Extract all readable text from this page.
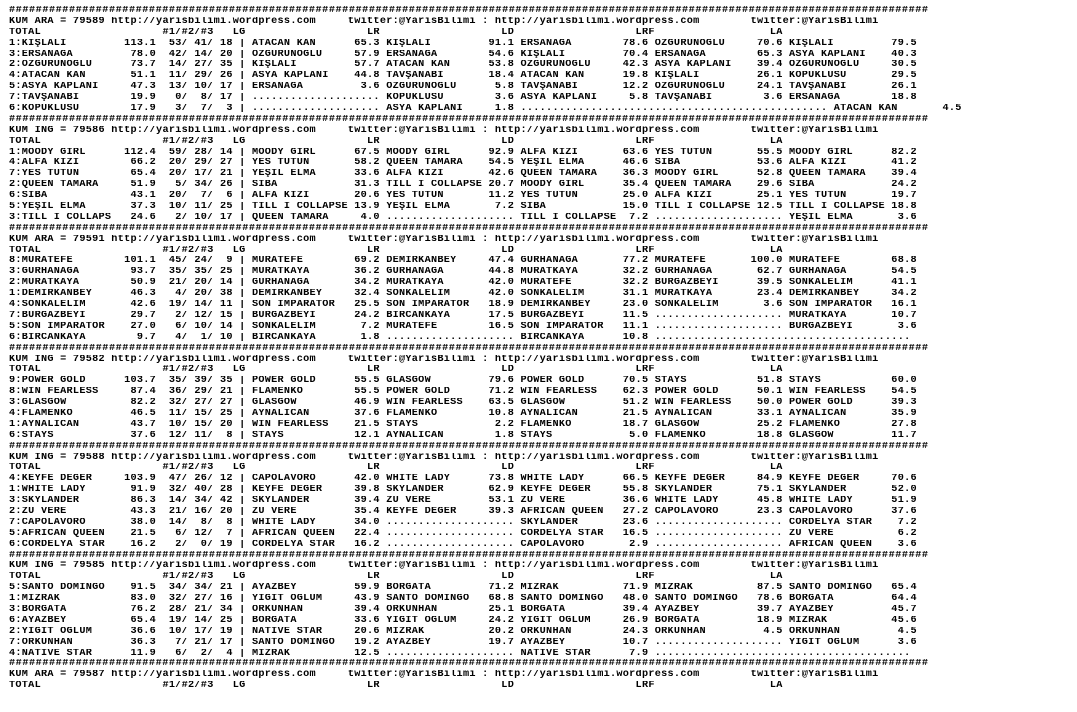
##########################################################################################################################################
KUM ARA = 79589 http://yarisbilimi.wordpress.com     twitter:@YarisBilimi : http://yarisbilimi.wordpress.com        twitter:@YarisBilimi
TOTAL                   #1/#2/#3   LG                   LR                   LD                   LRF                  LA
1:KIŞLALI         113.1  53/ 41/ 18 | ATACAN KAN      65.3 KIŞLALI         91.1 ERSANAĞA        78.6 ÖZGÜRÜNOĞLU     70.6 KIŞLALI         79.5
3:ERSANAĞA         78.0  42/ 14/ 20 | ÖZGÜRÜNOĞLU     57.9 ERSANAĞA        54.6 KIŞLALI         70.4 ERSANAĞA        65.3 ASYA KAPLANI    40.3
2:ÖZGÜRÜNOĞLU      73.7  14/ 27/ 35 | KIŞLALI         57.7 ATACAN KAN      53.8 ÖZGÜRÜNOĞLU     42.3 ASYA KAPLANI    39.4 ÖZGÜRÜNOĞLU     30.5
4:ATACAN KAN       51.1  11/ 29/ 26 | ASYA KAPLANI    44.8 TAVŞANABİ       18.4 ATACAN KAN      19.8 KIŞLALI         26.1 KÖPÜKLÜSU       29.5
5:ASYA KAPLANI     47.3  13/ 10/ 17 | ERSANAĞA         3.6 ÖZGÜRÜNOĞLU      5.8 TAVŞANABİ       12.2 ÖZGÜRÜNOĞLU     24.1 TAVŞANABİ       26.1
7:TAVŞANABİ        19.9   0/  8/ 17 | .................... KÖPÜKLÜSU        3.6 ASYA KAPLANI     5.8 TAVŞANABİ        3.6 ERSANAĞA        18.8
6:KÖPÜKLÜSU        17.9   3/  7/  3 | .................... ASYA KAPLANI     1.8 ................................................ ATACAN KAN       4.5
##########################################################################################################################################
KUM ING = 79586 http://yarisbilimi.wordpress.com     twitter:@YarisBilimi : http://yarisbilimi.wordpress.com        twitter:@YarisBilimi
TOTAL                   #1/#2/#3   LG                   LR                   LD                   LRF                  LA
1:MOODY GIRL      112.4  59/ 28/ 14 | MOODY GIRL      67.5 MOODY GIRL      92.9 ALFA KIZI       63.6 YES TÜTÜN       55.5 MOODY GIRL      82.2
4:ALFA KIZI        66.2  20/ 29/ 27 | YES TÜTÜN       58.2 QUEEN TAMARA    54.5 YEŞIL ELMA      46.6 SIBA            53.6 ALFA KIZI       41.2
7:YES TÜTÜN        65.4  20/ 17/ 21 | YEŞIL ELMA      33.6 ALFA KIZI       42.6 QUEEN TAMARA    36.3 MOODY GIRL      52.8 QUEEN TAMARA    39.4
2:QUEEN TAMARA     51.9   5/ 34/ 26 | SIBA            31.3 TILL I COLLAPSE 20.7 MOODY GIRL      35.4 QUEEN TAMARA    29.6 SIBA            24.2
6:SIBA             43.1  20/  7/  6 | ALFA KIZI       20.6 YES TÜTÜN       11.2 YES TÜTÜN       25.0 ALFA KIZI       25.1 YES TÜTÜN       19.7
5:YEŞIL ELMA       37.3  10/ 11/ 25 | TILL I COLLAPSE 13.9 YEŞIL ELMA       7.2 SIBA            15.0 TILL I COLLAPSE 12.5 TILL I COLLAPSE 18.8
3:TILL I COLLAPS   24.6   2/ 10/ 17 | QUEEN TAMARA     4.0 .................... TILL I COLLAPSE  7.2 .................... YEŞIL ELMA       3.6
##########################################################################################################################################
KUM ARA = 79591 http://yarisbilimi.wordpress.com     twitter:@YarisBilimi : http://yarisbilimi.wordpress.com        twitter:@YarisBilimi
TOTAL                   #1/#2/#3   LG                   LR                   LD                   LRF                  LA
8:MURATEFE        101.1  45/ 24/  9 | MURATEFE        69.2 DEMIRKANBEY     47.4 GÜRHANAĞA       77.2 MURATEFE       100.0 MURATEFE        68.8
3:GÜRHANAĞA        93.7  35/ 35/ 25 | MURATKAYA       36.2 GÜRHANAĞA       44.8 MURATKAYA       32.2 GÜRHANAĞA       62.7 GÜRHANAĞA       54.5
2:MURATKAYA        50.9  21/ 20/ 14 | GÜRHANAĞA       34.2 MURATKAYA       42.0 MURATEFE        32.2 BURGAZBEYİ      39.5 SONKALELİM      41.1
1:DEMIRKANBEY      46.3   4/ 20/ 38 | DEMIRKANBEY     32.4 SONKALELİM      42.0 SONKALELİM      31.1 MURATKAYA       23.4 DEMIRKANBEY     34.2
4:SONKALELİM       42.6  19/ 14/ 11 | SON İMPARATOR   25.5 SON İMPARATOR   18.9 DEMIRKANBEY     23.0 SONKALELİM       3.6 SON İMPARATOR   16.1
7:BURGAZBEYİ       29.7   2/ 12/ 15 | BURGAZBEYİ      24.2 BIRCANKAYA      17.5 BURGAZBEYİ      11.5 .................... MURATKAYA       10.7
5:SON İMPARATOR    27.0   6/ 10/ 14 | SONKALELİM       7.2 MURATEFE        16.5 SON İMPARATOR   11.1 .................... BURGAZBEYİ       3.6
6:BIRCANKAYA        9.7   4/  1/ 10 | BIRCANKAYA       1.8 .................... BIRCANKAYA      10.8 ........................................
##########################################################################################################################################
KUM ING = 79582 http://yarisbilimi.wordpress.com     twitter:@YarisBilimi : http://yarisbilimi.wordpress.com        twitter:@YarisBilimi
TOTAL                   #1/#2/#3   LG                   LR                   LD                   LRF                  LA
9:POWER GOLD      103.7  35/ 39/ 35 | POWER GOLD      55.5 GLASGOW         79.6 POWER GOLD      70.5 STAYS           51.8 STAYS           60.0
8:WIN FEARLESS     87.4  36/ 29/ 21 | FLAMENKO        55.5 POWER GOLD      71.2 WIN FEARLESS    62.3 POWER GOLD      50.1 WIN FEARLESS    54.5
3:GLASGOW          82.2  32/ 27/ 27 | GLASGOW         46.9 WIN FEARLESS    63.5 GLASGOW         51.2 WIN FEARLESS    50.0 POWER GOLD      39.3
4:FLAMENKO         46.5  11/ 15/ 25 | AYNALICAN       37.6 FLAMENKO        10.8 AYNALICAN       21.5 AYNALICAN       33.1 AYNALICAN       35.9
1:AYNALICAN        43.7  10/ 15/ 20 | WIN FEARLESS    21.5 STAYS            2.2 FLAMENKO        18.7 GLASGOW         25.2 FLAMENKO        27.8
6:STAYS            37.6  12/ 11/  8 | STAYS           12.1 AYNALICAN        1.8 STAYS            5.0 FLAMENKO        18.8 GLASGOW         11.7
##########################################################################################################################################
KUM ING = 79588 http://yarisbilimi.wordpress.com     twitter:@YarisBilimi : http://yarisbilimi.wordpress.com        twitter:@YarisBilimi
TOTAL                   #1/#2/#3   LG                   LR                   LD                   LRF                  LA
4:KEYFE DEĞER     103.9  47/ 26/ 12 | CAPOLAVORO      42.0 WHITE LADY      73.8 WHITE LADY      66.5 KEYFE DEĞER     84.9 KEYFE DEĞER     70.6
1:WHITE LADY       91.9  32/ 40/ 28 | KEYFE DEĞER     39.8 SKYLANDER       62.9 KEYFE DEĞER     55.8 SKYLANDER       75.1 SKYLANDER       52.0
3:SKYLANDER        86.3  14/ 34/ 42 | SKYLANDER       39.4 ZU VERE         53.1 ZU VERE         36.6 WHITE LADY      45.8 WHITE LADY      51.9
2:ZU VERE          43.3  21/ 16/ 20 | ZU VERE         35.4 KEYFE DEĞER     39.3 AFRICAN QUEEN   27.2 CAPOLAVORO      23.3 CAPOLAVORO      37.6
7:CAPOLAVORO       38.0  14/  8/  8 | WHITE LADY      34.0 .................... SKYLANDER       23.6 .................... CORDELYA STAR    7.2
5:AFRICAN QUEEN    21.5   6/ 12/  7 | AFRICAN QUEEN   22.4 .................... CORDELYA STAR   16.5 .................... ZU VERE          6.2
6:CORDELYA STAR    16.2   2/  0/ 19 | CORDELYA STAR   16.2 .................... CAPOLAVORO       2.9 .................... AFRICAN QUEEN    3.6
##########################################################################################################################################
KUM ING = 79585 http://yarisbilimi.wordpress.com     twitter:@YarisBilimi : http://yarisbilimi.wordpress.com        twitter:@YarisBilimi
TOTAL                   #1/#2/#3   LG                   LR                   LD                   LRF                  LA
5:SANTO DOMINGO    91.5  34/ 34/ 21 | AYAZBEY         59.9 BORGATA         71.2 MIZRAK          71.9 MIZRAK          87.5 SANTO DOMINGO   65.4
1:MIZRAK           83.0  32/ 27/ 16 | YİĞİT OĞLUM     43.9 SANTO DOMINGO   68.8 SANTO DOMINGO   48.0 SANTO DOMINGO   78.6 BORGATA         64.4
3:BORGATA          76.2  28/ 21/ 34 | ORKUNHAN        39.4 ORKUNHAN        25.1 BORGATA         39.4 AYAZBEY         39.7 AYAZBEY         45.7
6:AYAZBEY          65.4  19/ 14/ 25 | BORGATA         33.6 YİĞİT OĞLUM     24.2 YİĞİT OĞLUM     26.9 BORGATA         18.9 MIZRAK          45.6
2:YİĞİT OĞLUM      36.6  10/ 17/ 19 | NATIVE STAR     20.6 MIZRAK          20.2 ORKUNHAN        24.3 ORKUNHAN         4.5 ORKUNHAN         4.5
7:ORKUNHAN         36.3   7/ 21/ 17 | SANTO DOMINGO   19.2 AYAZBEY         19.7 AYAZBEY         10.7 .................... YİĞİT OĞLUM      3.6
4:NATIVE STAR      11.9   6/  2/  4 | MIZRAK          12.5 .................... NATIVE STAR      7.9 ........................................
##########################################################################################################################################
KUM ARA = 79587 http://yarisbilimi.wordpress.com     twitter:@YarisBilimi : http://yarisbilimi.wordpress.com        twitter:@YarisBilimi
TOTAL                   #1/#2/#3   LG                   LR                   LD                   LRF                  LA
